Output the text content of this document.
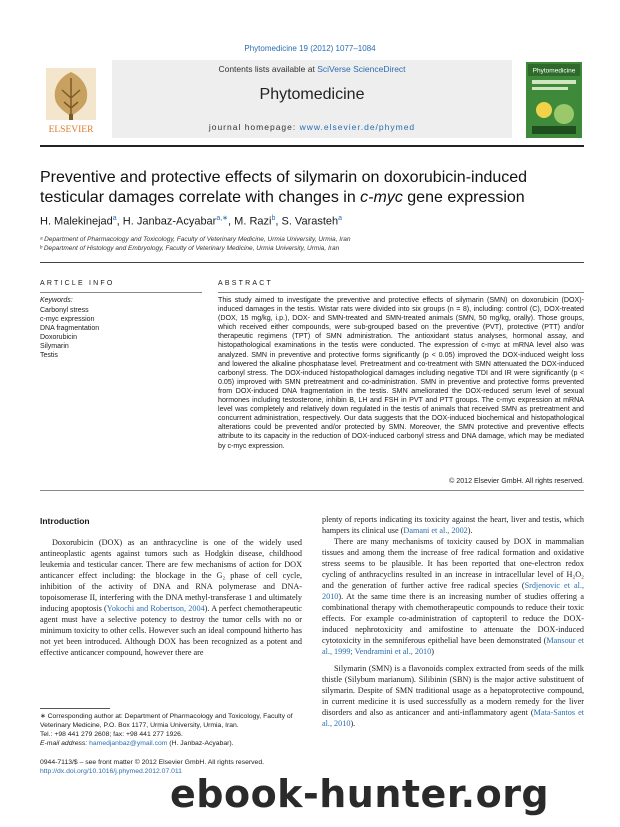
Phytomedicine 19 (2012) 1077–1084
ELSEVIER
Contents lists available at SciVerse ScienceDirect
Phytomedicine
journal homepage: www.elsevier.de/phymed
Phytomedicine
Preventive and protective effects of silymarin on doxorubicin-induced testicular damages correlate with changes in c-myc gene expression
H. Malekinejad$^a$, H. Janbaz-Acyabar$^{a,∗}$, M. Razi$^b$, S. Varasteh$^a$
ᵃ Department of Pharmacology and Toxicology, Faculty of Veterinary Medicine, Urmia University, Urmia, Iran
ᵇ Department of Histology and Embryology, Faculty of Veterinary Medicine, Urmia University, Urmia, Iran
ARTICLE INFO	ABSTRACT
Keywords:
Carbonyl stress
c-myc expression
DNA fragmentation
Doxorubicin
Silymarin
Testis
This study aimed to investigate the preventive and protective effects of silymarin (SMN) on doxorubicin (DOX)-induced damages in the testis. Wistar rats were divided into six groups (n = 8), including: control (C), DOX-treated (DOX, 15 mg/kg, i.p.), DOX- and SMN-treated and SMN-treated animals (SMN, 50 mg/kg, orally). Those groups, which received either compounds, were sub-grouped based on the preventive (PVT), protective (PTT) and/or therapeutic regimens (TPT) of SMN administration. The antioxidant status analyses, hormonal assay, and histopathological examinations in the testis were conducted. The expression of c-myc at mRNA level also was analyzed. SMN in preventive and protective forms significantly (p < 0.05) improved the DOX-induced weight loss and lowered the alkaline phosphatase level. Pretreatment and co-treatment with SMN attenuated the DOX-induced carbonyl stress. The DOX-induced histopathological damages including negative TDI and IR were significantly (p < 0.05) improved with SMN pretreatment and co-administration. SMN in preventive and protective forms prevented from DOX-induced DNA fragmentation in the testis. SMN ameliorated the DOX-reduced serum level of sexual hormones including testosterone, inhibin B, LH and FSH in PVT and PTT groups. The c-myc expression at mRNA level was completely and relatively down regulated in the testis of animals that received SMN as pretreatment and concurrent administration, respectively. Our data suggests that the DOX-induced biochemical and histopathological alterations could be prevented and/or protected by SMN. Moreover, the SMN protective and preventive effects attribute to its capacity in the reduction of DOX-induced carbonyl stress and DNA damage, which may be mediated by c-myc expression.
© 2012 Elsevier GmbH. All rights reserved.
Introduction

Doxorubicin (DOX) as an anthracycline is one of the widely used antineoplastic agents against tumors such as Hodgkin disease, childhood leukemia and testicular cancer. There are few mechanisms of action for DOX anticancer effect including: the blockage in the G₂ phase of cell cycle, inhibition of the activity of DNA and RNA polymerase and DNA-topoisomerase II, interfering with the DNA methyl-transferase 1 and ultimately inducing apoptosis (Yokochi and Robertson, 2004). A perfect chemotherapeutic agent must have a selective potency to destroy the tumor cells with no or minimum toxicity to other cells. However such an ideal compound hitherto has not yet been introduced. Although DOX has been recognized as a potent and effective anticancer compound, however there are

plenty of reports indicating its toxicity against the heart, liver and testis, which hampers its clinical use (Damani et al., 2002).

There are many mechanisms of toxicity caused by DOX in mammalian tissues and among them the increase of free radical formation and oxidative stress seems to be plausible. It has been reported that one-electron redox cycling of anthracyclins resulted in an increase in intracellular level of H₂O₂ and the generation of further active free radical species (Srdjenovic et al., 2010). At the same time there is an increasing number of studies offering a combinational therapy with chemotherapeutic compounds to reduce their toxic effects. For example co-administration of captopteril to reduce the DOX-induced nephrotoxicity and amifostine to attenuate the DOX-induced cytotoxicity in the semniferous epithelial have been demonstrated (Mansour et al., 1999; Vendramini et al., 2010)

Silymarin (SMN) is a flavonoids complex extracted from seeds of the milk thistle (Silybum marianum). Silibinin (SBN) is the major active substituent of silymarin. Despite of SMN traditional usage as a hepatoprotective compound, in current medicine it is used successfully as a modern remedy for the liver disorders and also as anticancer and anti-inflammatory agent (Mata-Santos et al., 2010).

∗ Corresponding author at: Department of Pharmacology and Toxicology, Faculty of Veterinary Medicine, P.O. Box 1177, Urmia University, Urmia, Iran.
Tel.: +98 441 279 2608; fax: +98 441 277 1926.
E-mail address: hamedjanbaz@ymail.com (H. Janbaz-Acyabar).
0944-7113/$ – see front matter © 2012 Elsevier GmbH. All rights reserved.
http://dx.doi.org/10.1016/j.phymed.2012.07.011
ebook-hunter.org
